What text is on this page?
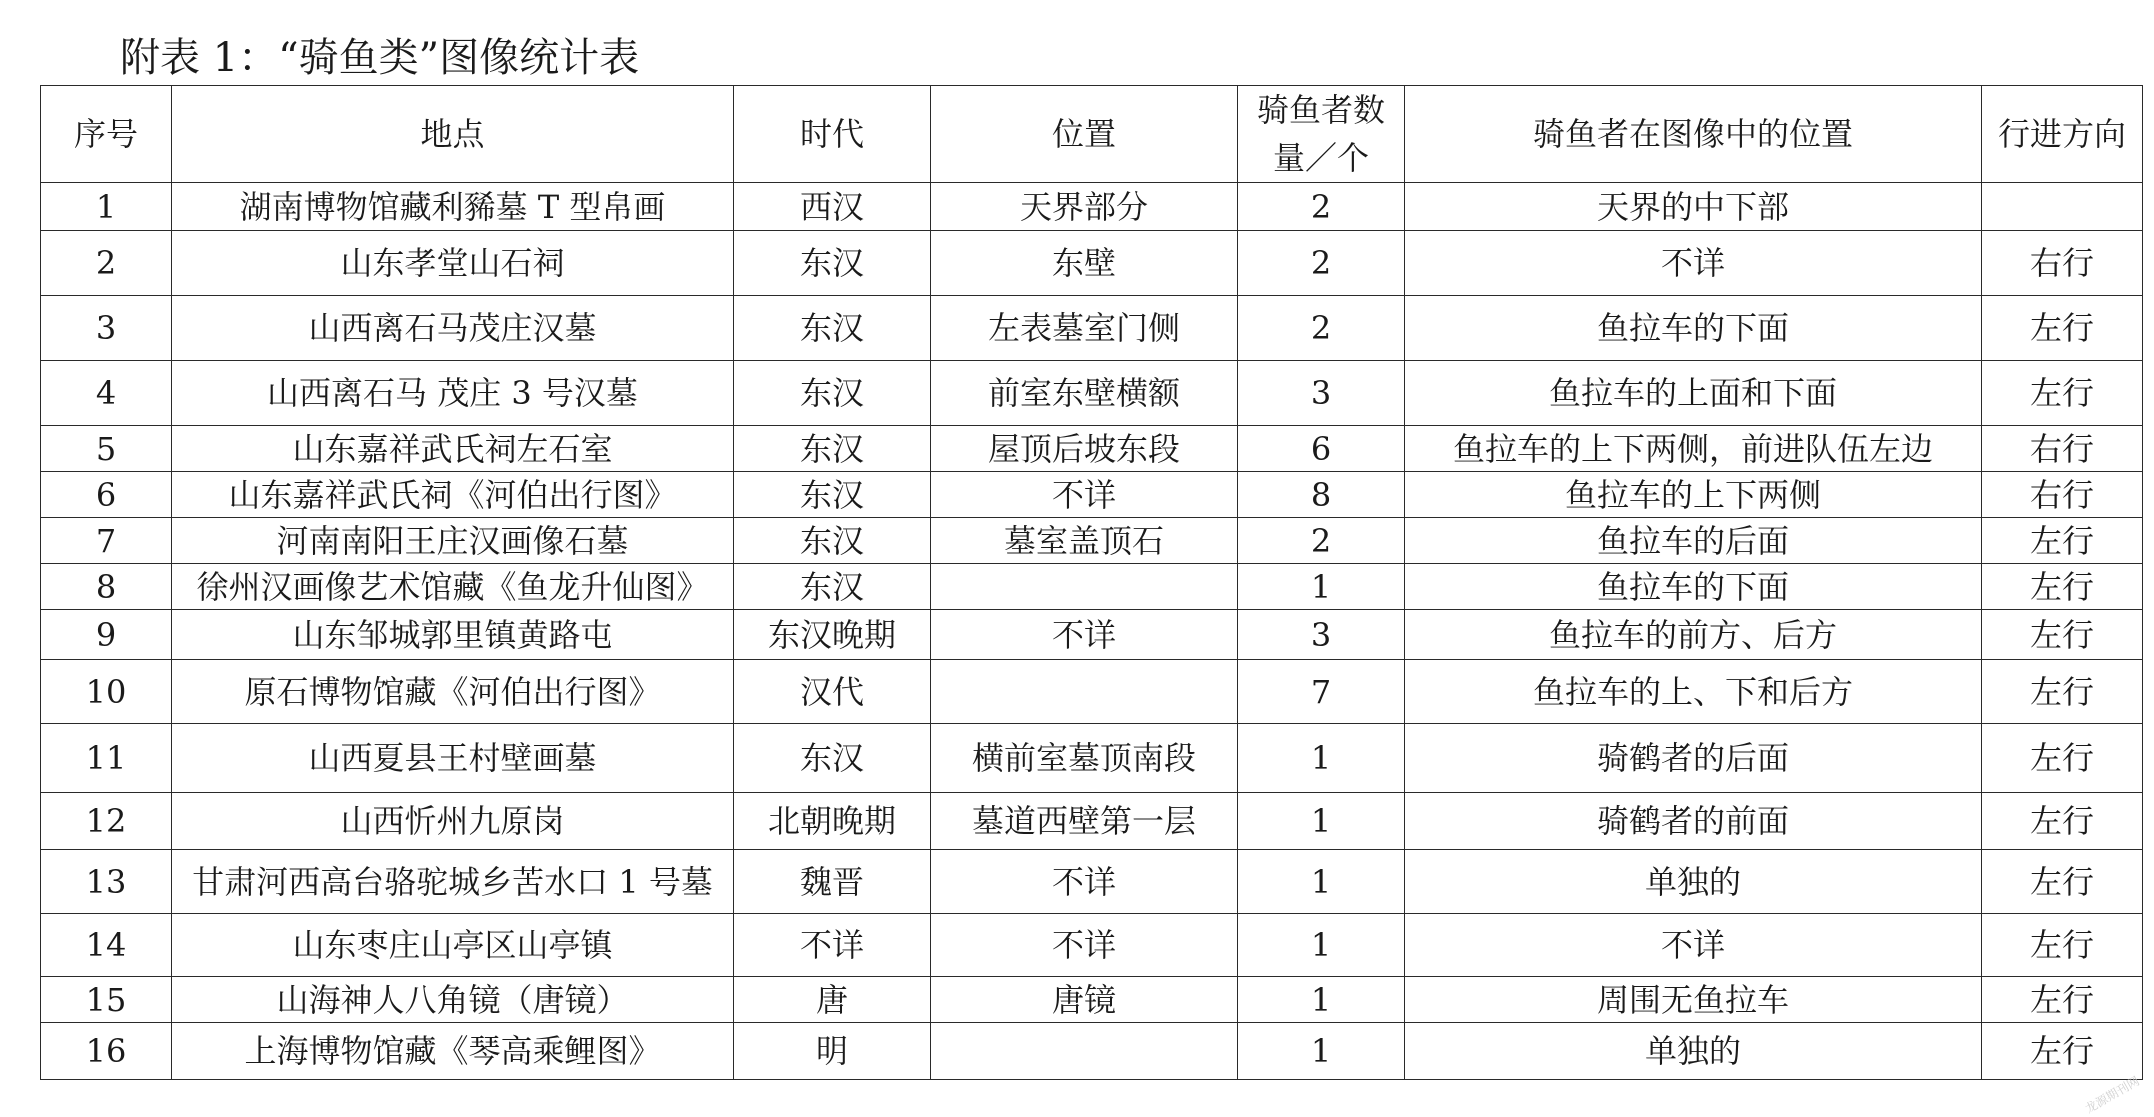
附表 1：“骑鱼类”图像统计表
序号	地点	时代	位置	骑鱼者数量／个	骑鱼者在图像中的位置	行进方向
1	湖南博物馆藏利豨墓 T 型帛画	西汉	天界部分	2	天界的中下部	
2	山东孝堂山石祠	东汉	东壁	2	不详	右行
3	山西离石马茂庄汉墓	东汉	左表墓室门侧	2	鱼拉车的下面	左行
4	山西离石马 茂庄 3 号汉墓	东汉	前室东壁横额	3	鱼拉车的上面和下面	左行
5	山东嘉祥武氏祠左石室	东汉	屋顶后坡东段	6	鱼拉车的上下两侧，前进队伍左边	右行
6	山东嘉祥武氏祠《河伯出行图》	东汉	不详	8	鱼拉车的上下两侧	右行
7	河南南阳王庄汉画像石墓	东汉	墓室盖顶石	2	鱼拉车的后面	左行
8	徐州汉画像艺术馆藏《鱼龙升仙图》	东汉		1	鱼拉车的下面	左行
9	山东邹城郭里镇黄路屯	东汉晚期	不详	3	鱼拉车的前方、后方	左行
10	原石博物馆藏《河伯出行图》	汉代		7	鱼拉车的上、下和后方	左行
11	山西夏县王村壁画墓	东汉	横前室墓顶南段	1	骑鹤者的后面	左行
12	山西忻州九原岗	北朝晚期	墓道西壁第一层	1	骑鹤者的前面	左行
13	甘肃河西高台骆驼城乡苦水口 1 号墓	魏晋	不详	1	单独的	左行
14	山东枣庄山亭区山亭镇	不详	不详	1	不详	左行
15	山海神人八角镜（唐镜）	唐	唐镜	1	周围无鱼拉车	左行
16	上海博物馆藏《琴高乘鲤图》	明		1	单独的	左行
龙源期刊网
